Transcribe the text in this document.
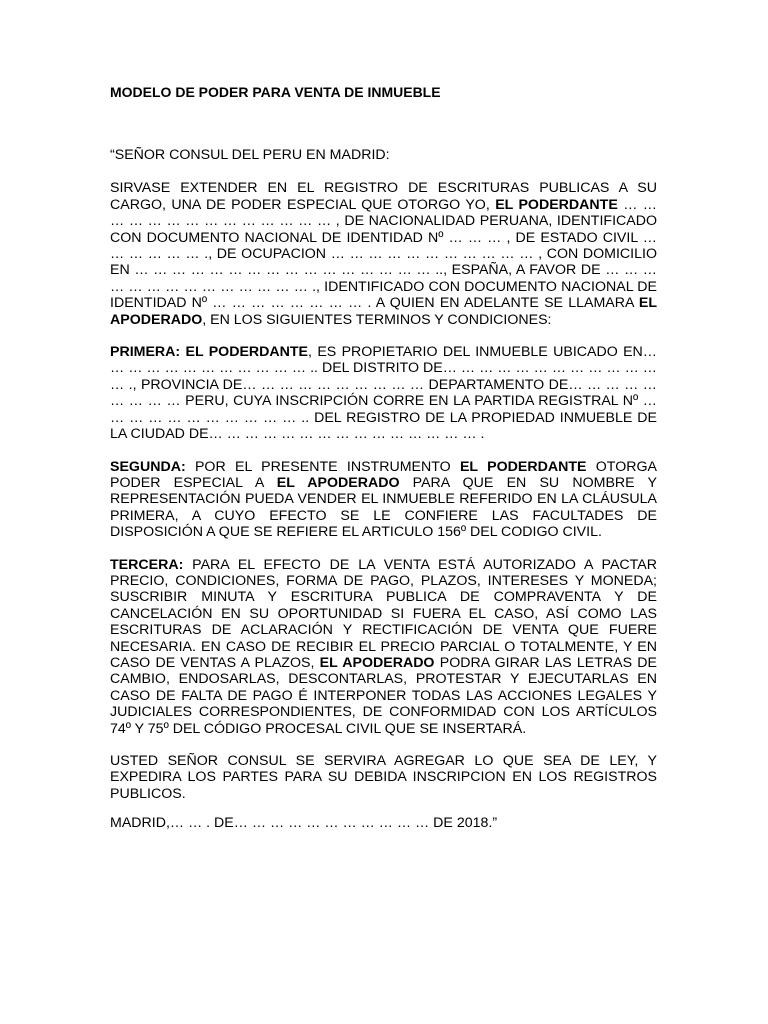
MODELO DE PODER PARA VENTA DE INMUEBLE

“SEÑOR CONSUL DEL PERU EN MADRID:

SIRVASE EXTENDER EN EL REGISTRO DE ESCRITURAS PUBLICAS A SU CARGO, UNA DE PODER ESPECIAL QUE OTORGO YO, EL PODERDANTE … … … … … … … … … … … … … … , DE NACIONALIDAD PERUANA, IDENTIFICADO CON DOCUMENTO NACIONAL DE IDENTIDAD Nº … … … , DE ESTADO CIVIL … … … … … … ., DE OCUPACION … … … … … … … … … … … , CON DOMICILIO EN … … … … … … … … … … … … … … … … .., ESPAÑA, A FAVOR DE … … … … … … … … … … … … … … ., IDENTIFICADO CON DOCUMENTO NACIONAL DE IDENTIDAD Nº … … … … … … … … . A QUIEN EN ADELANTE SE LLAMARA EL APODERADO, EN LOS SIGUIENTES TERMINOS Y CONDICIONES:

PRIMERA: EL PODERDANTE, ES PROPIETARIO DEL INMUEBLE UBICADO EN… … … … … … … … … … … … .. DEL DISTRITO DE… … … … … … … … … … … … … ., PROVINCIA DE… … … … … … … … … … DEPARTAMENTO DE… … … … … … … … … PERU, CUYA INSCRIPCIÓN CORRE EN LA PARTIDA REGISTRAL Nº … … … … … … … … … … … .. DEL REGISTRO DE LA PROPIEDAD INMUEBLE DE LA CIUDAD DE… … … … … … … … … … … … … … … .

SEGUNDA: POR EL PRESENTE INSTRUMENTO EL PODERDANTE OTORGA PODER ESPECIAL A EL APODERADO PARA QUE EN SU NOMBRE Y REPRESENTACIÓN PUEDA VENDER EL INMUEBLE REFERIDO EN LA CLÁUSULA PRIMERA, A CUYO EFECTO SE LE CONFIERE LAS FACULTADES DE DISPOSICIÓN A QUE SE REFIERE EL ARTICULO 156º DEL CODIGO CIVIL.

TERCERA: PARA EL EFECTO DE LA VENTA ESTÁ AUTORIZADO A PACTAR PRECIO, CONDICIONES, FORMA DE PAGO, PLAZOS, INTERESES Y MONEDA; SUSCRIBIR MINUTA Y ESCRITURA PUBLICA DE COMPRAVENTA Y DE CANCELACIÓN EN SU OPORTUNIDAD SI FUERA EL CASO, ASÍ COMO LAS ESCRITURAS DE ACLARACIÓN Y RECTIFICACIÓN DE VENTA QUE FUERE NECESARIA. EN CASO DE RECIBIR EL PRECIO PARCIAL O TOTALMENTE, Y EN CASO DE VENTAS A PLAZOS, EL APODERADO PODRA GIRAR LAS LETRAS DE CAMBIO, ENDOSARLAS, DESCONTARLAS, PROTESTAR Y EJECUTARLAS EN CASO DE FALTA DE PAGO É INTERPONER TODAS LAS ACCIONES LEGALES Y JUDICIALES CORRESPONDIENTES, DE CONFORMIDAD CON LOS ARTÍCULOS 74º Y 75º DEL CÓDIGO PROCESAL CIVIL QUE SE INSERTARÁ.

USTED SEÑOR CONSUL SE SERVIRA AGREGAR LO QUE SEA DE LEY, Y EXPEDIRA LOS PARTES PARA SU DEBIDA INSCRIPCION EN LOS REGISTROS PUBLICOS.

MADRID,… … . DE… … … … … … … … … … … DE 2018.”
